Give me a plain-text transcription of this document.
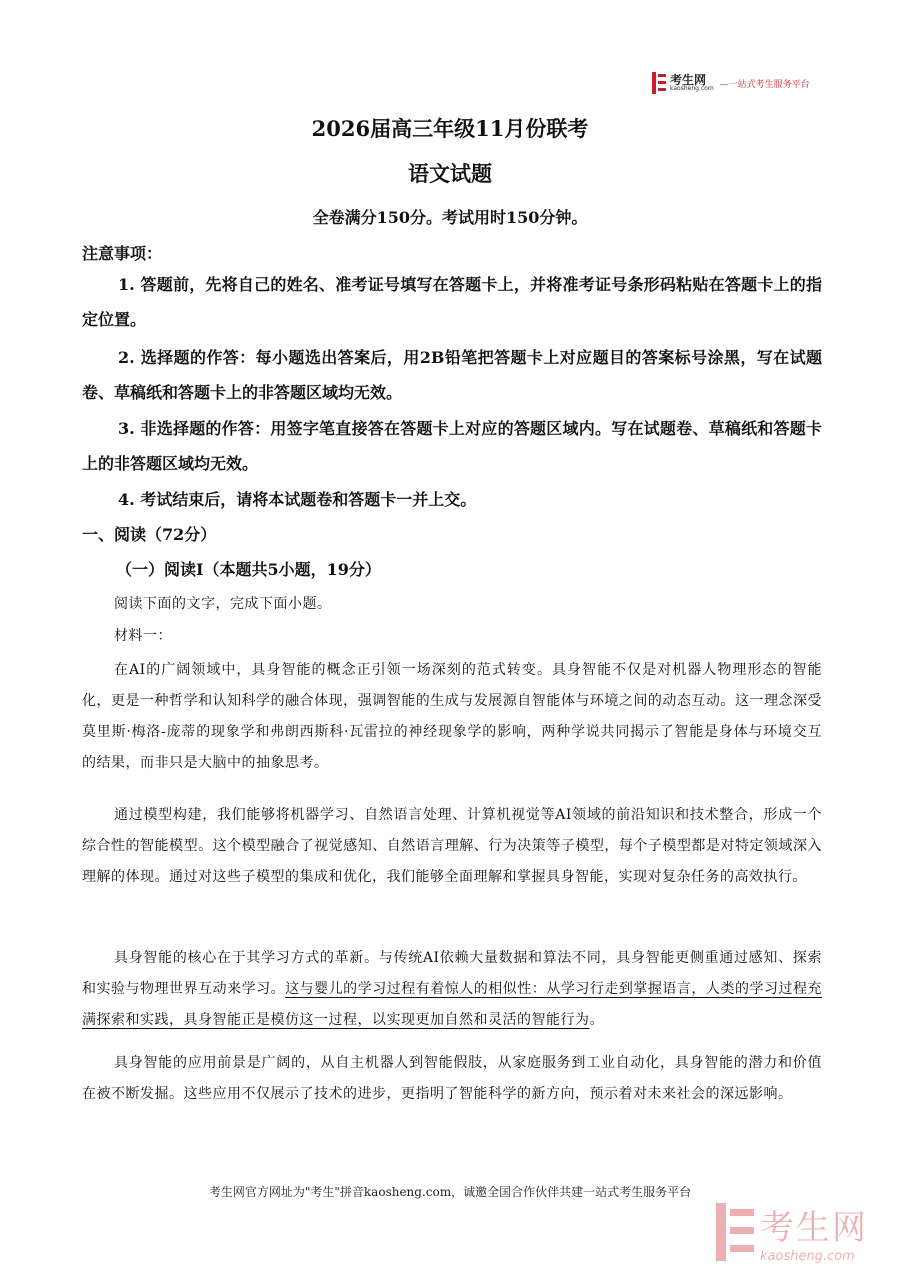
考生网
kaosheng.com —一站式考生服务平台
2026届高三年级11月份联考
语文试题
全卷满分150分。考试用时150分钟。
注意事项：
1. 答题前，先将自己的姓名、准考证号填写在答题卡上，并将准考证号条形码粘贴在答题卡上的指定位置。
2. 选择题的作答：每小题选出答案后，用2B铅笔把答题卡上对应题目的答案标号涂黑，写在试题卷、草稿纸和答题卡上的非答题区域均无效。
3. 非选择题的作答：用签字笔直接答在答题卡上对应的答题区域内。写在试题卷、草稿纸和答题卡上的非答题区域均无效。
4. 考试结束后，请将本试题卷和答题卡一并上交。
一、阅读（72分）
（一）阅读Ⅰ（本题共5小题，19分）
阅读下面的文字，完成下面小题。
材料一：
在AI的广阔领域中，具身智能的概念正引领一场深刻的范式转变。具身智能不仅是对机器人物理形态的智能化，更是一种哲学和认知科学的融合体现，强调智能的生成与发展源自智能体与环境之间的动态互动。这一理念深受莫里斯·梅洛-庞蒂的现象学和弗朗西斯科·瓦雷拉的神经现象学的影响，两种学说共同揭示了智能是身体与环境交互的结果，而非只是大脑中的抽象思考。
通过模型构建，我们能够将机器学习、自然语言处理、计算机视觉等AI领域的前沿知识和技术整合，形成一个综合性的智能模型。这个模型融合了视觉感知、自然语言理解、行为决策等子模型，每个子模型都是对特定领域深入理解的体现。通过对这些子模型的集成和优化，我们能够全面理解和掌握具身智能，实现对复杂任务的高效执行。
具身智能的核心在于其学习方式的革新。与传统AI依赖大量数据和算法不同，具身智能更侧重通过感知、探索和实验与物理世界互动来学习。这与婴儿的学习过程有着惊人的相似性：从学习行走到掌握语言，人类的学习过程充满探索和实践，具身智能正是模仿这一过程，以实现更加自然和灵活的智能行为。
具身智能的应用前景是广阔的，从自主机器人到智能假肢，从家庭服务到工业自动化，具身智能的潜力和价值在被不断发掘。这些应用不仅展示了技术的进步，更指明了智能科学的新方向，预示着对未来社会的深远影响。
考生网官方网址为"考生"拼音kaosheng.com，诚邀全国合作伙伴共建一站式考生服务平台
考生网
kaosheng.com
